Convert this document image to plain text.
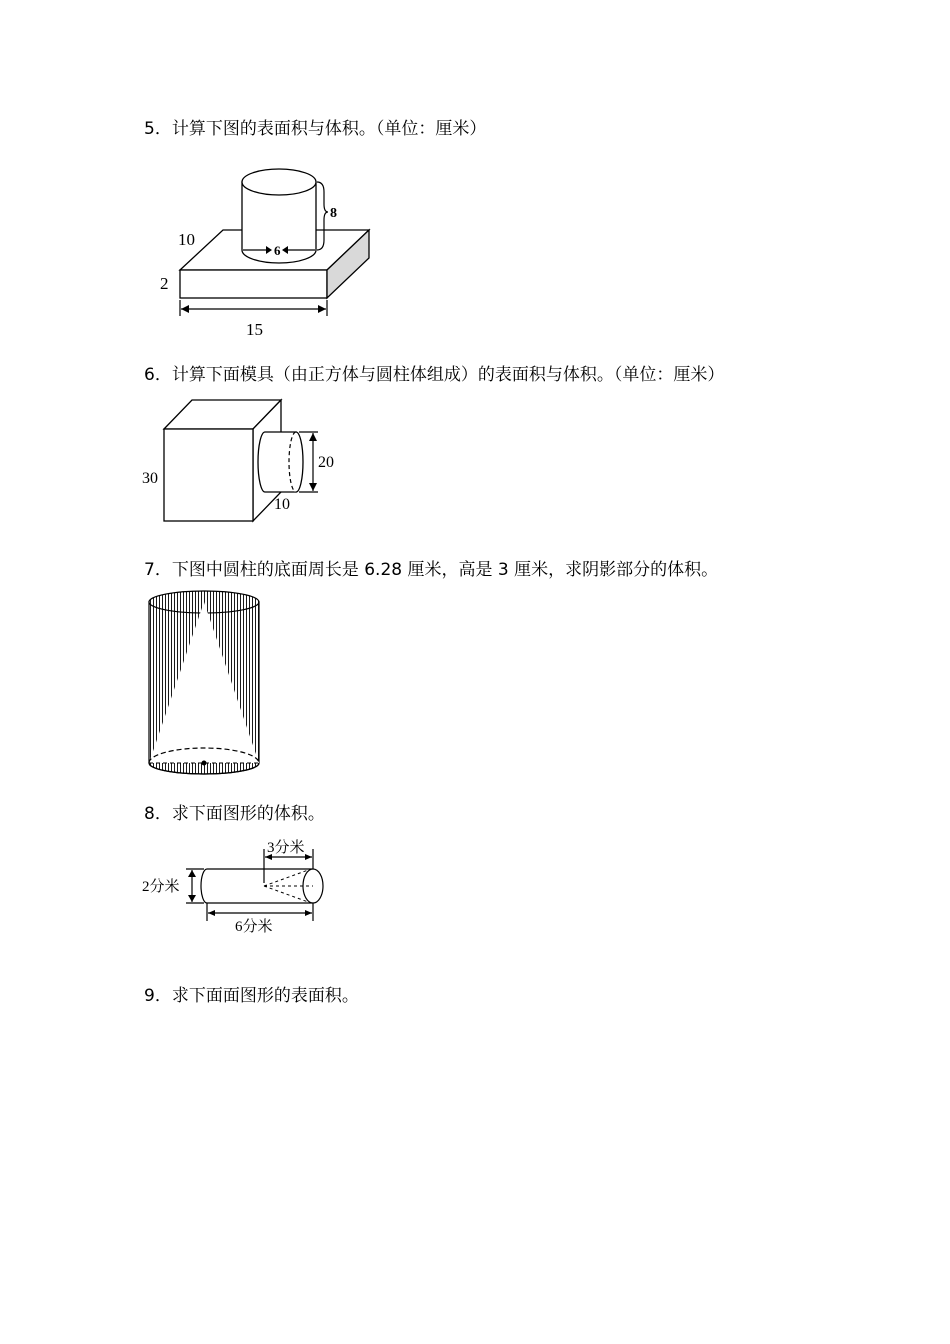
5．计算下图的表面积与体积。（单位：厘米）
10
2
15
6
8
6．计算下面模具（由正方体与圆柱体组成）的表面积与体积。（单位：厘米）
30
20
10
7．下图中圆柱的底面周长是 6.28 厘米，高是 3 厘米，求阴影部分的体积。
8．求下面图形的体积。
3分米
2分米
6分米
9．求下面面图形的表面积。
